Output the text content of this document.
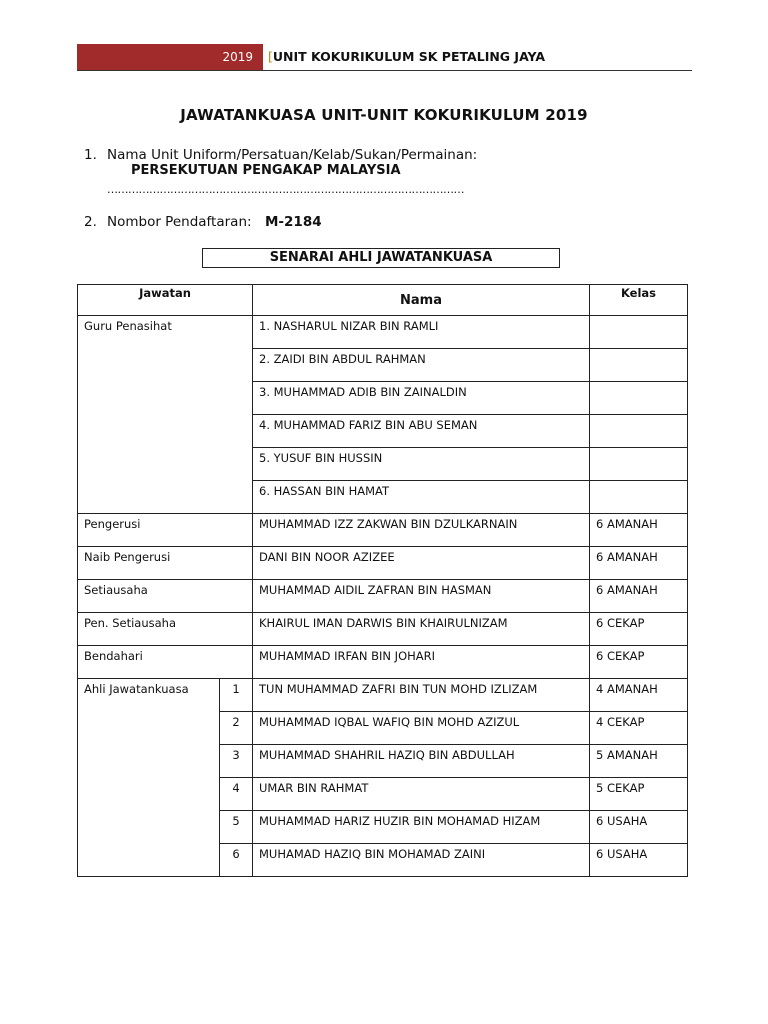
2019 [UNIT KOKURIKULUM SK PETALING JAYA
JAWATANKUASA UNIT-UNIT KOKURIKULUM 2019
1. Nama Unit Uniform/Persatuan/Kelab/Sukan/Permainan:
PERSEKUTUAN PENGAKAP MALAYSIA
…………………………………………………………………………………………
2. Nombor Pendaftaran: M-2184
SENARAI AHLI JAWATANKUASA
Jawatan		Nama	Kelas
Guru Penasihat		1. NASHARUL NIZAR BIN RAMLI	
		2. ZAIDI BIN ABDUL RAHMAN	
		3. MUHAMMAD ADIB BIN ZAINALDIN	
		4. MUHAMMAD FARIZ BIN ABU SEMAN	
		5. YUSUF BIN HUSSIN	
		6. HASSAN BIN HAMAT	
Pengerusi		MUHAMMAD IZZ ZAKWAN BIN DZULKARNAIN	6 AMANAH
Naib Pengerusi		DANI BIN NOOR AZIZEE	6 AMANAH
Setiausaha		MUHAMMAD AIDIL ZAFRAN BIN HASMAN	6 AMANAH
Pen. Setiausaha		KHAIRUL IMAN DARWIS BIN KHAIRULNIZAM	6 CEKAP
Bendahari		MUHAMMAD IRFAN BIN JOHARI	6 CEKAP
Ahli Jawatankuasa	1	TUN MUHAMMAD ZAFRI BIN TUN MOHD IZLIZAM	4 AMANAH
	2	MUHAMMAD IQBAL WAFIQ BIN MOHD AZIZUL	4 CEKAP
	3	MUHAMMAD SHAHRIL HAZIQ BIN ABDULLAH	5 AMANAH
	4	UMAR BIN RAHMAT	5 CEKAP
	5	MUHAMMAD HARIZ HUZIR BIN MOHAMAD HIZAM	6 USAHA
	6	MUHAMAD HAZIQ BIN MOHAMAD ZAINI	6 USAHA
